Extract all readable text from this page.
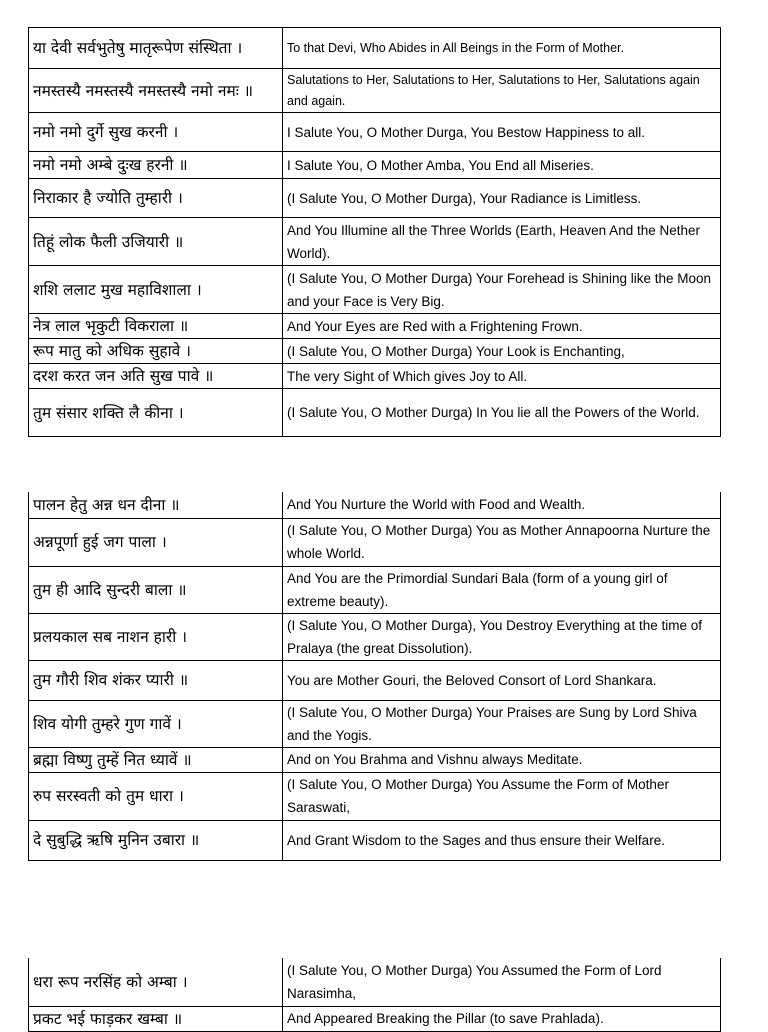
या देवी सर्वभुतेषु मातृरूपेण संस्थिता ।	To that Devi, Who Abides in All Beings in the Form of Mother.
नमस्तस्यै नमस्तस्यै नमस्तस्यै नमो नमः ॥	Salutations to Her, Salutations to Her, Salutations to Her, Salutations again and again.
नमो नमो दुर्गे सुख करनी ।	I Salute You, O Mother Durga, You Bestow Happiness to all.
नमो नमो अम्बे दुःख हरनी ॥	I Salute You, O Mother Amba, You End all Miseries.
निराकार है ज्योति तुम्हारी ।	(I Salute You, O Mother Durga), Your Radiance is Limitless.
तिहूं लोक फैली उजियारी ॥	And You Illumine all the Three Worlds (Earth, Heaven And the Nether World).
शशि ललाट मुख महाविशाला ।	(I Salute You, O Mother Durga) Your Forehead is Shining like the Moon and your Face is Very Big.
नेत्र लाल भृकुटी विकराला ॥	And Your Eyes are Red with a Frightening Frown.
रूप मातु को अधिक सुहावे ।	(I Salute You, O Mother Durga) Your Look is Enchanting,
दरश करत जन अति सुख पावे ॥	The very Sight of Which gives Joy to All.
तुम संसार शक्ति लै कीना ।	(I Salute You, O Mother Durga) In You lie all the Powers of the World.
पालन हेतु अन्न धन दीना ॥	And You Nurture the World with Food and Wealth.
अन्नपूर्णा हुई जग पाला ।	(I Salute You, O Mother Durga) You as Mother Annapoorna Nurture the whole World.
तुम ही आदि सुन्दरी बाला ॥	And You are the Primordial Sundari Bala (form of a young girl of extreme beauty).
प्रलयकाल सब नाशन हारी ।	(I Salute You, O Mother Durga), You Destroy Everything at the time of Pralaya (the great Dissolution).
तुम गौरी शिव शंकर प्यारी ॥	You are Mother Gouri, the Beloved Consort of Lord Shankara.
शिव योगी तुम्हरे गुण गावें ।	(I Salute You, O Mother Durga) Your Praises are Sung by Lord Shiva and the Yogis.
ब्रह्मा विष्णु तुम्हें नित ध्यावें ॥	And on You Brahma and Vishnu always Meditate.
रुप सरस्वती को तुम धारा ।	(I Salute You, O Mother Durga) You Assume the Form of Mother Saraswati,
दे सुबुद्धि ऋषि मुनिन उबारा ॥	And Grant Wisdom to the Sages and thus ensure their Welfare.
धरा रूप नरसिंह को अम्बा ।	(I Salute You, O Mother Durga) You Assumed the Form of Lord Narasimha,
प्रकट भई फाड़कर खम्बा ॥	And Appeared Breaking the Pillar (to save Prahlada).
